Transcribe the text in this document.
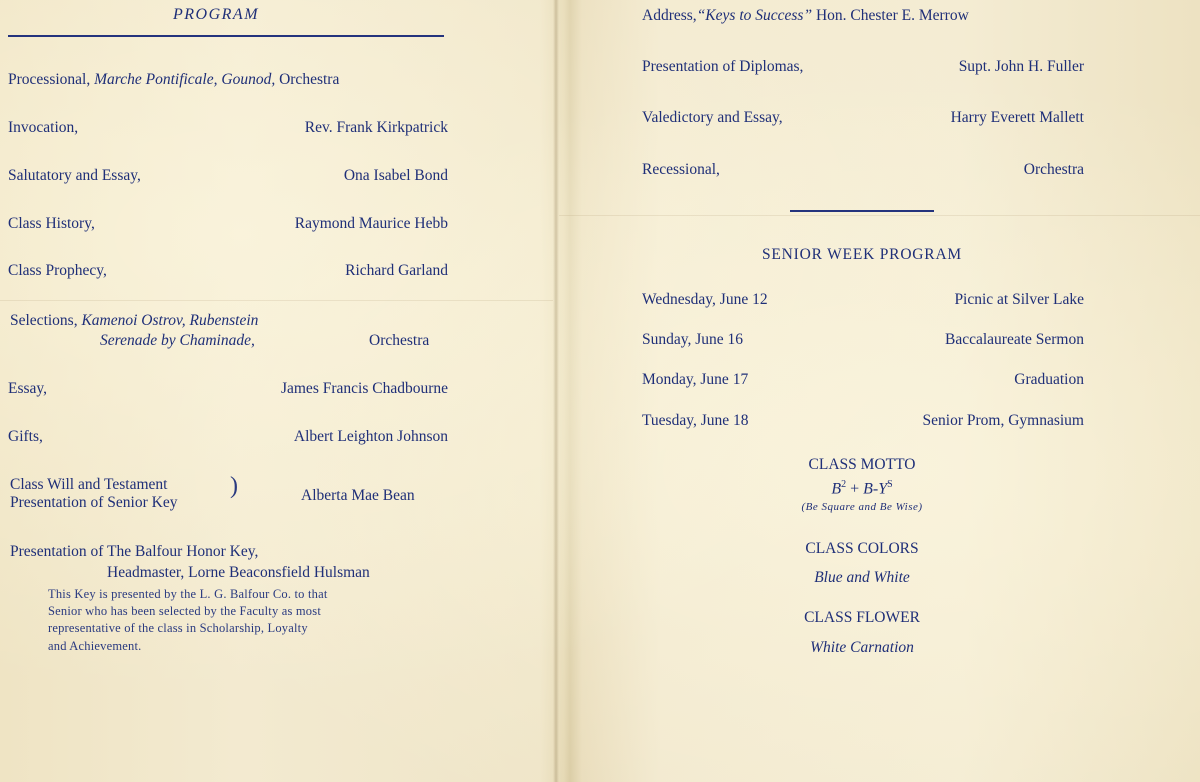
PROGRAM
Processional, Marche Pontificale, Gounod, Orchestra
Invocation,	Rev. Frank Kirkpatrick
Salutatory and Essay,	Ona Isabel Bond
Class History,	Raymond Maurice Hebb
Class Prophecy,	Richard Garland
Selections, Kamenoi Ostrov, Rubenstein
Serenade by Chaminade,	Orchestra
Essay,	James Francis Chadbourne
Gifts,	Albert Leighton Johnson
Class Will and Testament
Presentation of Senior Key
)	Alberta Mae Bean
Presentation of The Balfour Honor Key,
Headmaster, Lorne Beaconsfield Hulsman
This Key is presented by the L. G. Balfour Co. to that
Senior who has been selected by the Faculty as most
representative of the class in Scholarship, Loyalty
and Achievement.
Address,“Keys to Success” Hon. Chester E. Merrow
Presentation of Diplomas,	Supt. John H. Fuller
Valedictory and Essay,	Harry Everett Mallett
Recessional,	Orchestra
SENIOR WEEK PROGRAM
Wednesday, June 12	Picnic at Silver Lake
Sunday, June 16	Baccalaureate Sermon
Monday, June 17	Graduation
Tuesday, June 18	Senior Prom, Gymnasium
CLASS MOTTO
$B^2 + B-Y^S$
(Be Square and Be Wise)
CLASS COLORS
Blue and White
CLASS FLOWER
White Carnation
